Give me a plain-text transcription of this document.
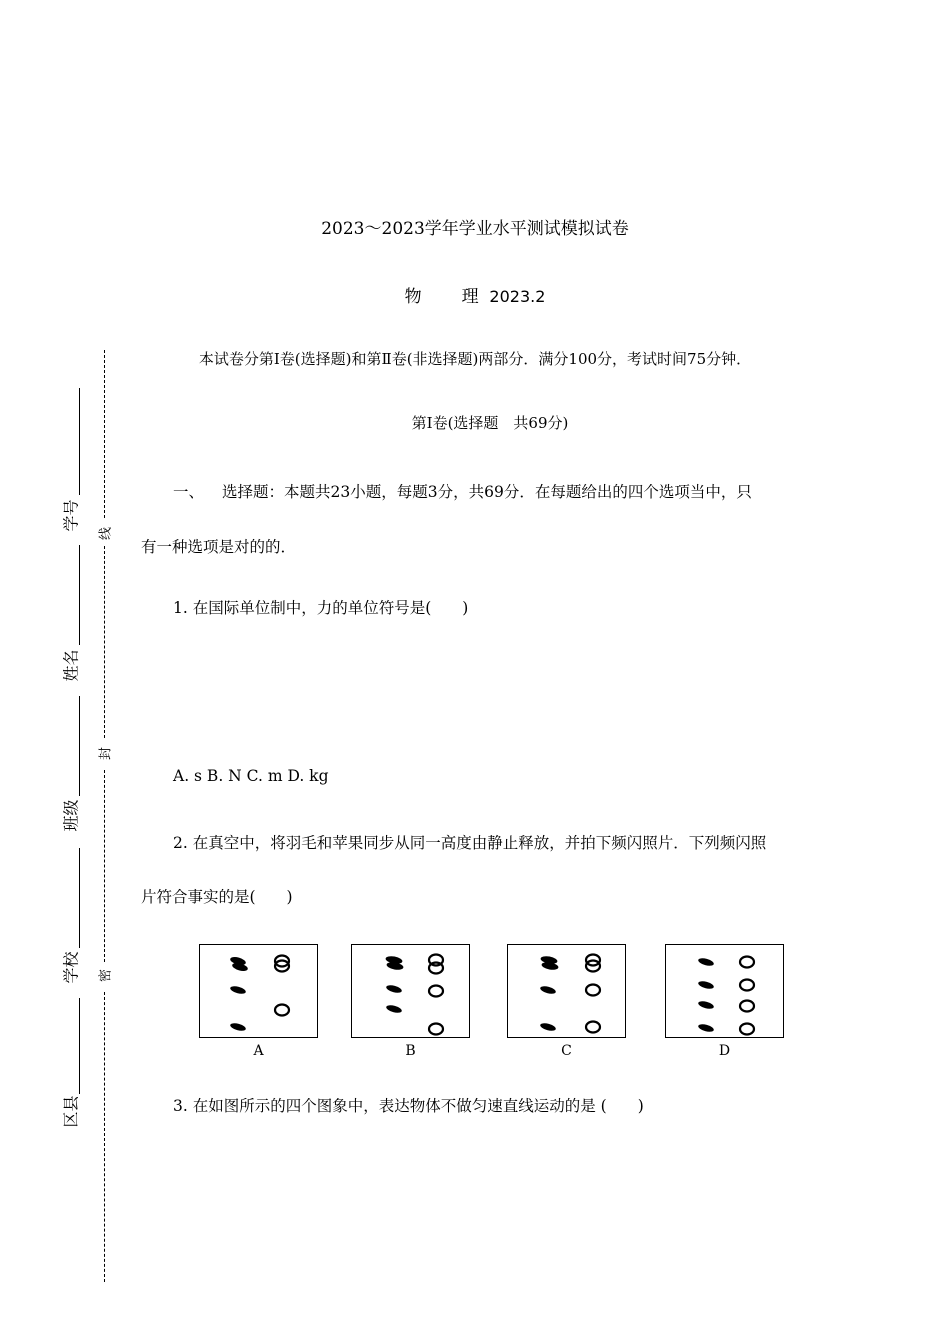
2023～2023学年学业水平测试模拟试卷
物 理 2023.2
本试卷分第Ⅰ卷(选择题)和第Ⅱ卷(非选择题)两部分．满分100分，考试时间75分钟．
第Ⅰ卷(选择题　共69分)
一、 选择题：本题共23小题，每题3分，共69分．在每题给出的四个选项当中，只
有一种选项是对的的．
1. 在国际单位制中，力的单位符号是(　　)
A. s B. N C. m D. kg
2. 在真空中，将羽毛和苹果同步从同一高度由静止释放，并拍下频闪照片．下列频闪照
片符合事实的是(　　)
A	B	C	D
3. 在如图所示的四个图象中，表达物体不做匀速直线运动的是 (　　)
学号
姓名
班级
学校
区县
线
封
密
